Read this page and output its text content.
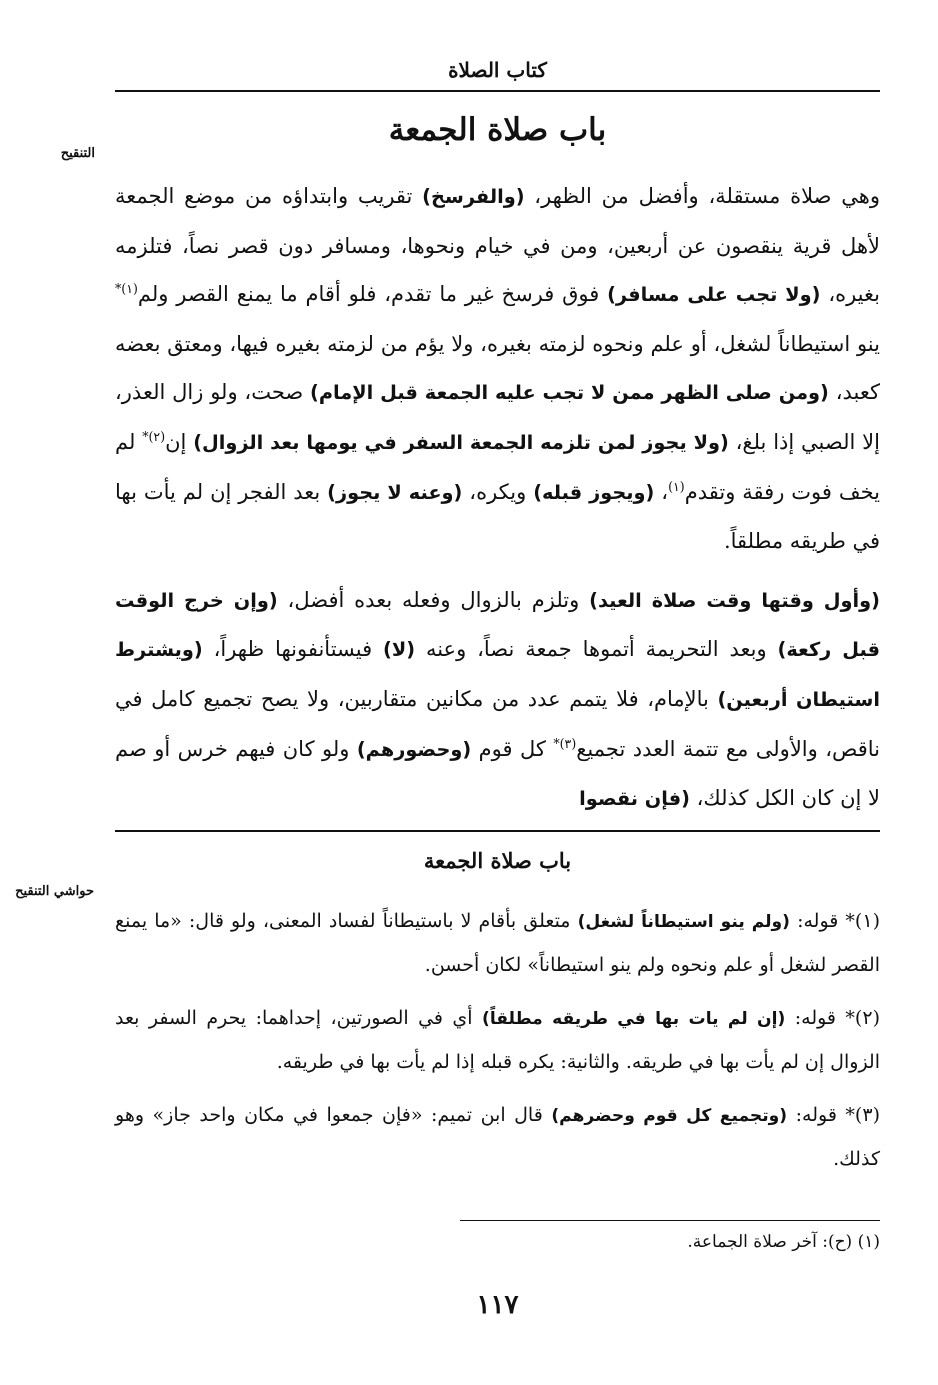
كتاب الصلاة
باب صلاة الجمعة
التنقيح

وهي صلاة مستقلة، وأفضل من الظهر، (والفرسخ) تقريب وابتداؤه من موضع الجمعة لأهل قرية ينقصون عن أربعين، ومن في خيام ونحوها، ومسافر دون قصر نصاً، فتلزمه بغيره، (ولا تجب على مسافر) فوق فرسخ غير ما تقدم، فلو أقام ما يمنع القصر ولم$^{(١)*}$ ينو استيطاناً لشغل، أو علم ونحوه لزمته بغيره، ولا يؤم من لزمته بغيره فيها، ومعتق بعضه كعبد، (ومن صلى الظهر ممن لا تجب عليه الجمعة قبل الإمام) صحت، ولو زال العذر، إلا الصبي إذا بلغ، (ولا يجوز لمن تلزمه الجمعة السفر في يومها بعد الزوال) إن$^{(٢)*}$ لم يخف فوت رفقة وتقدم$^{(١)}$، (ويجوز قبله) ويكره، (وعنه لا يجوز) بعد الفجر إن لم يأت بها في طريقه مطلقاً.

(وأول وقتها وقت صلاة العيد) وتلزم بالزوال وفعله بعده أفضل، (وإن خرج الوقت قبل ركعة) وبعد التحريمة أتموها جمعة نصاً، وعنه (لا) فيستأنفونها ظهراً، (ويشترط استيطان أربعين) بالإمام، فلا يتمم عدد من مكانين متقاربين، ولا يصح تجميع كامل في ناقص، والأولى مع تتمة العدد تجميع$^{(٣)*}$ كل قوم (وحضورهم) ولو كان فيهم خرس أو صم لا إن كان الكل كذلك، (فإن نقصوا

حواشي التنقيح
باب صلاة الجمعة

(١)* قوله: (ولم ينو استيطاناً لشغل) متعلق بأقام لا باستيطاناً لفساد المعنى، ولو قال: «ما يمنع القصر لشغل أو علم ونحوه ولم ينو استيطاناً» لكان أحسن.

(٢)* قوله: (إن لم يات بها في طريقه مطلقاً) أي في الصورتين، إحداهما: يحرم السفر بعد الزوال إن لم يأت بها في طريقه. والثانية: يكره قبله إذا لم يأت بها في طريقه.

(٣)* قوله: (وتجميع كل قوم وحضرهم) قال ابن تميم: «فإن جمعوا في مكان واحد جاز» وهو كذلك.

(١) (ح): آخر صلاة الجماعة.
١١٧
